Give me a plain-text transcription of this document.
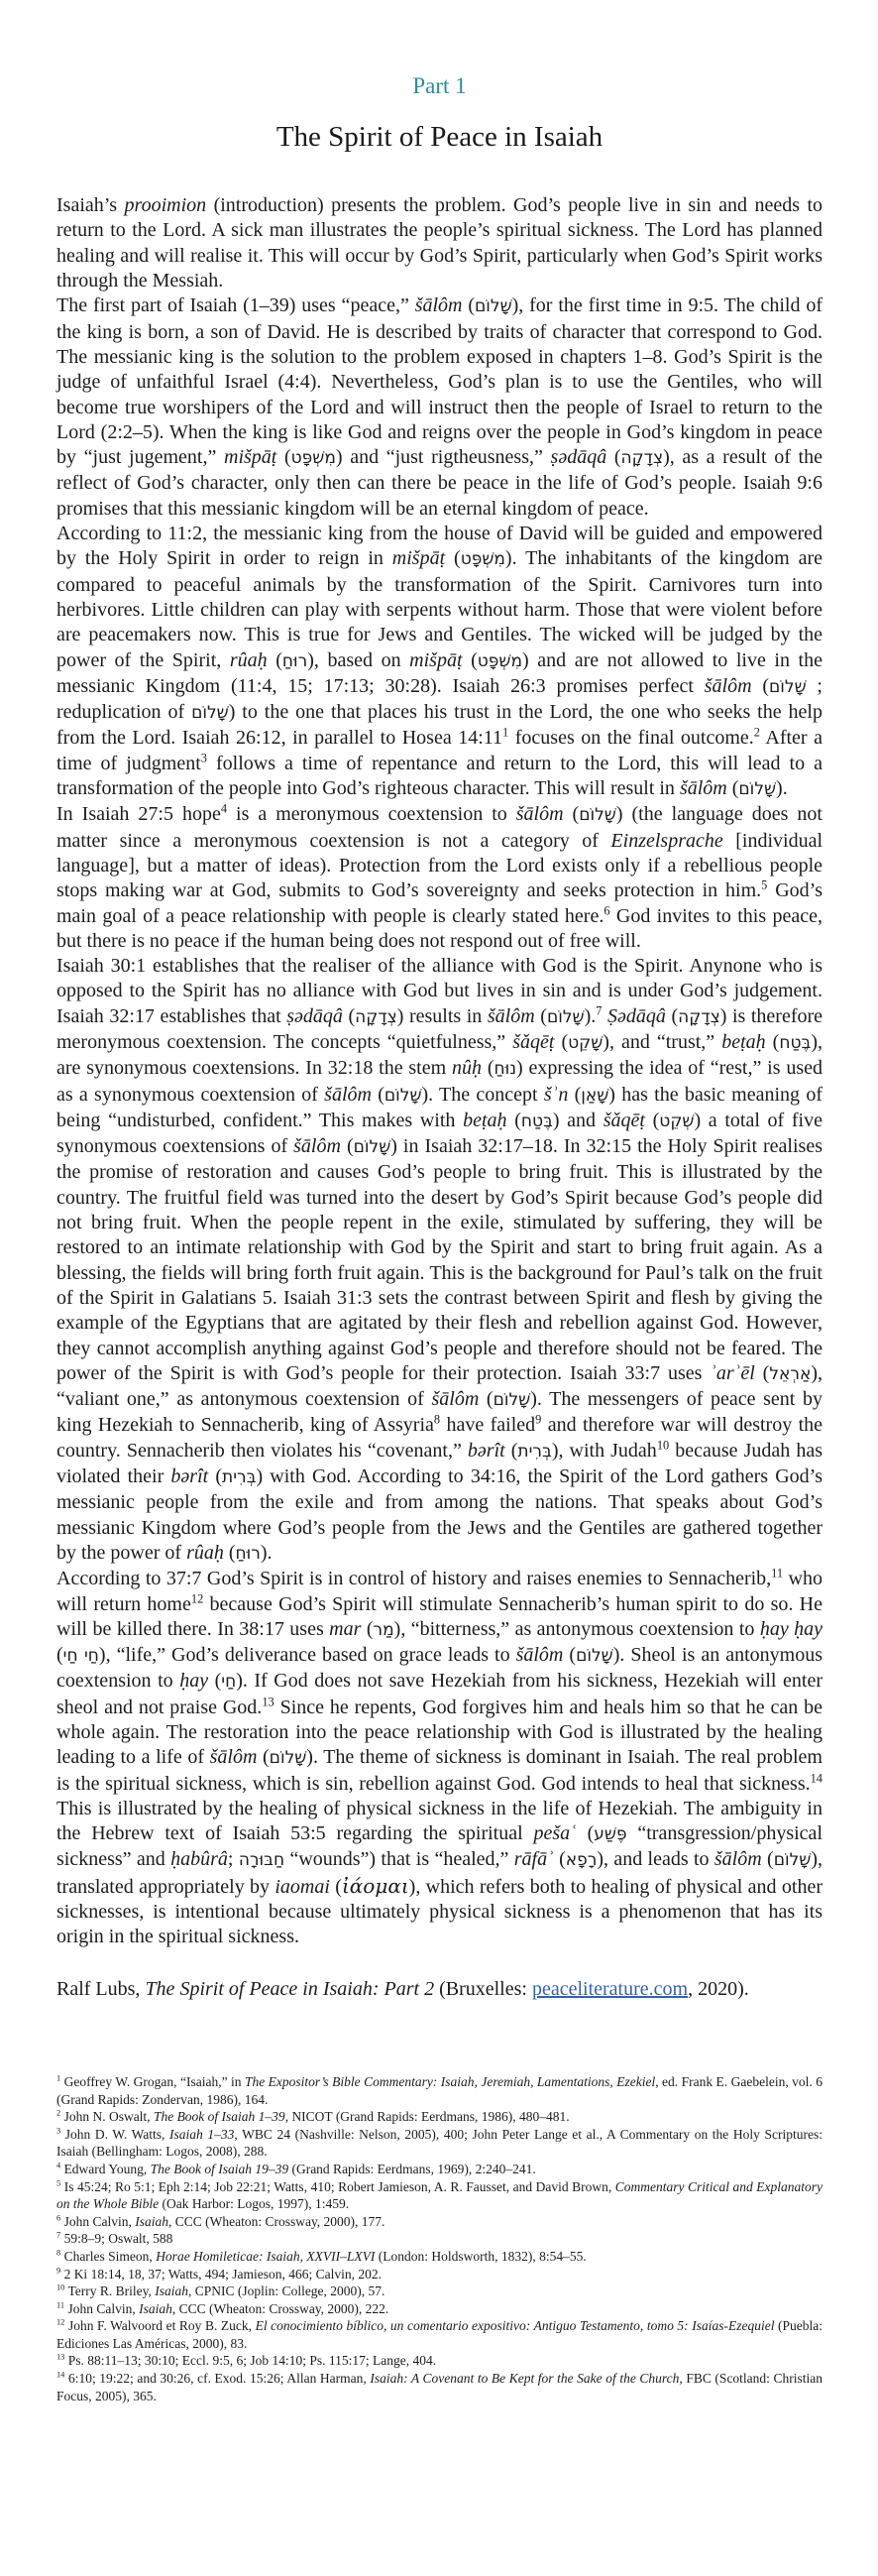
Part 1

The Spirit of Peace in Isaiah

Isaiah’s prooimion (introduction) presents the problem. God’s people live in sin and needs to return to the Lord. A sick man illustrates the people’s spiritual sickness. The Lord has planned healing and will realise it. This will occur by God’s Spirit, particularly when God’s Spirit works through the Messiah.

The first part of Isaiah (1–39) uses “peace,” šālôm (שָׁלוֹם), for the first time in 9:5. The child of the king is born, a son of David. He is described by traits of character that correspond to God. The messianic king is the solution to the problem exposed in chapters 1–8. God’s Spirit is the judge of unfaithful Israel (4:4). Nevertheless, God’s plan is to use the Gentiles, who will become true worshipers of the Lord and will instruct then the people of Israel to return to the Lord (2:2–5). When the king is like God and reigns over the people in God’s kingdom in peace by “just jugement,” mišpāṭ (מִשְׁפָּט) and “just rigtheusness,” ṣədāqâ (צְדָקָה), as a result of the reflect of God’s character, only then can there be peace in the life of God’s people. Isaiah 9:6 promises that this messianic kingdom will be an eternal kingdom of peace.

According to 11:2, the messianic king from the house of David will be guided and empowered by the Holy Spirit in order to reign in mišpāṭ (מִשְׁפָּט). The inhabitants of the kingdom are compared to peaceful animals by the transformation of the Spirit. Carnivores turn into herbivores. Little children can play with serpents without harm. Those that were violent before are peacemakers now. This is true for Jews and Gentiles. The wicked will be judged by the power of the Spirit, rûaḥ (רוּחַ), based on mišpāṭ (מִשְׁפָּט) and are not allowed to live in the messianic Kingdom (11:4, 15; 17:13; 30:28). Isaiah 26:3 promises perfect šālôm (שָׁלוֹם ; reduplication of שָׁלוֹם) to the one that places his trust in the Lord, the one who seeks the help from the Lord. Isaiah 26:12, in parallel to Hosea 14:11$^1$ focuses on the final outcome.$^2$ After a time of judgment$^3$ follows a time of repentance and return to the Lord, this will lead to a transformation of the people into God’s righteous character. This will result in šālôm (שָׁלוֹם).

In Isaiah 27:5 hope$^4$ is a meronymous coextension to šālôm (שָׁלוֹם) (the language does not matter since a meronymous coextension is not a category of Einzelsprache [individual language], but a matter of ideas). Protection from the Lord exists only if a rebellious people stops making war at God, submits to God’s sovereignty and seeks protection in him.$^5$ God’s main goal of a peace relationship with people is clearly stated here.$^6$ God invites to this peace, but there is no peace if the human being does not respond out of free will.

Isaiah 30:1 establishes that the realiser of the alliance with God is the Spirit. Anynone who is opposed to the Spirit has no alliance with God but lives in sin and is under God’s judgement. Isaiah 32:17 establishes that ṣədāqâ (צְדָקָה) results in šālôm (שָׁלוֹם).$^7$ Ṣədāqâ (צְדָקָה) is therefore meronymous coextension. The concepts “quietfulness,” šǎqēṭ (שָׁקֵט), and “trust,” beṭaḥ (בֶּטַח), are synonymous coextensions. In 32:18 the stem nûḥ (נוּחַ) expressing the idea of “rest,” is used as a synonymous coextension of šālôm (שָׁלוֹם). The concept šʾn (שָׁאַן) has the basic meaning of being “undisturbed, confident.” This makes with beṭaḥ (בֶּטַח) and šǎqēṭ (שְׁקֵט) a total of five synonymous coextensions of šālôm (שָׁלוֹם) in Isaiah 32:17–18. In 32:15 the Holy Spirit realises the promise of restoration and causes God’s people to bring fruit. This is illustrated by the country. The fruitful field was turned into the desert by God’s Spirit because God’s people did not bring fruit. When the people repent in the exile, stimulated by suffering, they will be restored to an intimate relationship with God by the Spirit and start to bring fruit again. As a blessing, the fields will bring forth fruit again. This is the background for Paul’s talk on the fruit of the Spirit in Galatians 5. Isaiah 31:3 sets the contrast between Spirit and flesh by giving the example of the Egyptians that are agitated by their flesh and rebellion against God. However, they cannot accomplish anything against God’s people and therefore should not be feared. The power of the Spirit is with God’s people for their protection. Isaiah 33:7 uses ʾarʾēl (אַרְאֵל), “valiant one,” as antonymous coextension of šālôm (שָׁלוֹם). The messengers of peace sent by king Hezekiah to Sennacherib, king of Assyria$^8$ have failed$^9$ and therefore war will destroy the country. Sennacherib then violates his “covenant,” bərît (בְּרִית), with Judah$^{10}$ because Judah has violated their bərît (בְּרִית) with God. According to 34:16, the Spirit of the Lord gathers God’s messianic people from the exile and from among the nations. That speaks about God’s messianic Kingdom where God’s people from the Jews and the Gentiles are gathered together by the power of rûaḥ (רוּחַ).

According to 37:7 God’s Spirit is in control of history and raises enemies to Sennacherib,$^{11}$ who will return home$^{12}$ because God’s Spirit will stimulate Sennacherib’s human spirit to do so. He will be killed there. In 38:17 uses mar (מַר), “bitterness,” as antonymous coextension to ḥay ḥay (חַי חַי), “life,” God’s deliverance based on grace leads to šālôm (שָׁלוֹם). Sheol is an antonymous coextension to ḥay (חַי). If God does not save Hezekiah from his sickness, Hezekiah will enter sheol and not praise God.$^{13}$ Since he repents, God forgives him and heals him so that he can be whole again. The restoration into the peace relationship with God is illustrated by the healing leading to a life of šālôm (שָׁלוֹם). The theme of sickness is dominant in Isaiah. The real problem is the spiritual sickness, which is sin, rebellion against God. God intends to heal that sickness.$^{14}$ This is illustrated by the healing of physical sickness in the life of Hezekiah. The ambiguity in the Hebrew text of Isaiah 53:5 regarding the spiritual pešaʿ (פֶּשַׁע “transgression/physical sickness” and ḥabûrâ; חַבּוּרָה “wounds”) that is “healed,” rāfāʾ (רָפָא), and leads to šālôm (שָׁלוֹם), translated appropriately by iaomai (ἰάομαι), which refers both to healing of physical and other sicknesses, is intentional because ultimately physical sickness is a phenomenon that has its origin in the spiritual sickness.

Ralf Lubs, The Spirit of Peace in Isaiah: Part 2 (Bruxelles: peaceliterature.com, 2020).

$^1$ Geoffrey W. Grogan, “Isaiah,” in The Expositor’s Bible Commentary: Isaiah, Jeremiah, Lamentations, Ezekiel, ed. Frank E. Gaebelein, vol. 6 (Grand Rapids: Zondervan, 1986), 164.

$^2$ John N. Oswalt, The Book of Isaiah 1–39, NICOT (Grand Rapids: Eerdmans, 1986), 480–481.

$^3$ John D. W. Watts, Isaiah 1–33, WBC 24 (Nashville: Nelson, 2005), 400; John Peter Lange et al., A Commentary on the Holy Scriptures: Isaiah (Bellingham: Logos, 2008), 288.

$^4$ Edward Young, The Book of Isaiah 19–39 (Grand Rapids: Eerdmans, 1969), 2:240–241.

$^5$ Is 45:24; Ro 5:1; Eph 2:14; Job 22:21; Watts, 410; Robert Jamieson, A. R. Fausset, and David Brown, Commentary Critical and Explanatory on the Whole Bible (Oak Harbor: Logos, 1997), 1:459.

$^6$ John Calvin, Isaiah, CCC (Wheaton: Crossway, 2000), 177.

$^7$ 59:8–9; Oswalt, 588

$^8$ Charles Simeon, Horae Homileticae: Isaiah, XXVII–LXVI (London: Holdsworth, 1832), 8:54–55.

$^9$ 2 Ki 18:14, 18, 37; Watts, 494; Jamieson, 466; Calvin, 202.

$^{10}$ Terry R. Briley, Isaiah, CPNIC (Joplin: College, 2000), 57.

$^{11}$ John Calvin, Isaiah, CCC (Wheaton: Crossway, 2000), 222.

$^{12}$ John F. Walvoord et Roy B. Zuck, El conocimiento bíblico, un comentario expositivo: Antiguo Testamento, tomo 5: Isaías-Ezequiel (Puebla: Ediciones Las Américas, 2000), 83.

$^{13}$ Ps. 88:11–13; 30:10; Eccl. 9:5, 6; Job 14:10; Ps. 115:17; Lange, 404.

$^{14}$ 6:10; 19:22; and 30:26, cf. Exod. 15:26; Allan Harman, Isaiah: A Covenant to Be Kept for the Sake of the Church, FBC (Scotland: Christian Focus, 2005), 365.
